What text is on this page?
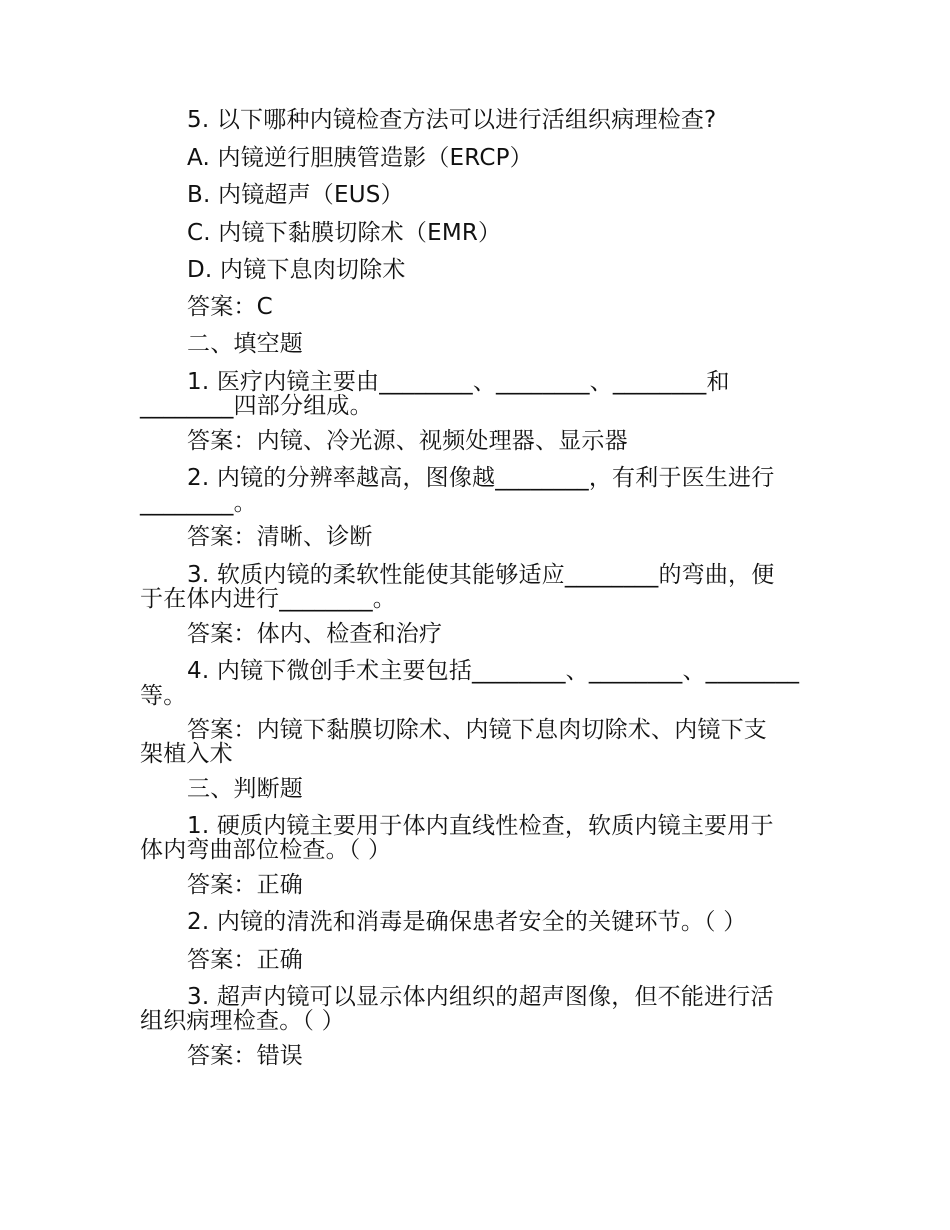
5. 以下哪种内镜检查方法可以进行活组织病理检查?
A. 内镜逆行胆胰管造影（ERCP）
B. 内镜超声（EUS）
C. 内镜下黏膜切除术（EMR）
D. 内镜下息肉切除术
答案：C
二、填空题
1. 医疗内镜主要由________、________、________和
________四部分组成。
答案：内镜、冷光源、视频处理器、显示器
2. 内镜的分辨率越高，图像越________，有利于医生进行
________。
答案：清晰、诊断
3. 软质内镜的柔软性能使其能够适应________的弯曲，便
于在体内进行________。
答案：体内、检查和治疗
4. 内镜下微创手术主要包括________、________、________
等。
答案：内镜下黏膜切除术、内镜下息肉切除术、内镜下支
架植入术
三、判断题
1. 硬质内镜主要用于体内直线性检查，软质内镜主要用于
体内弯曲部位检查。（ ）
答案：正确
2. 内镜的清洗和消毒是确保患者安全的关键环节。（ ）
答案：正确
3. 超声内镜可以显示体内组织的超声图像，但不能进行活
组织病理检查。（ ）
答案：错误
